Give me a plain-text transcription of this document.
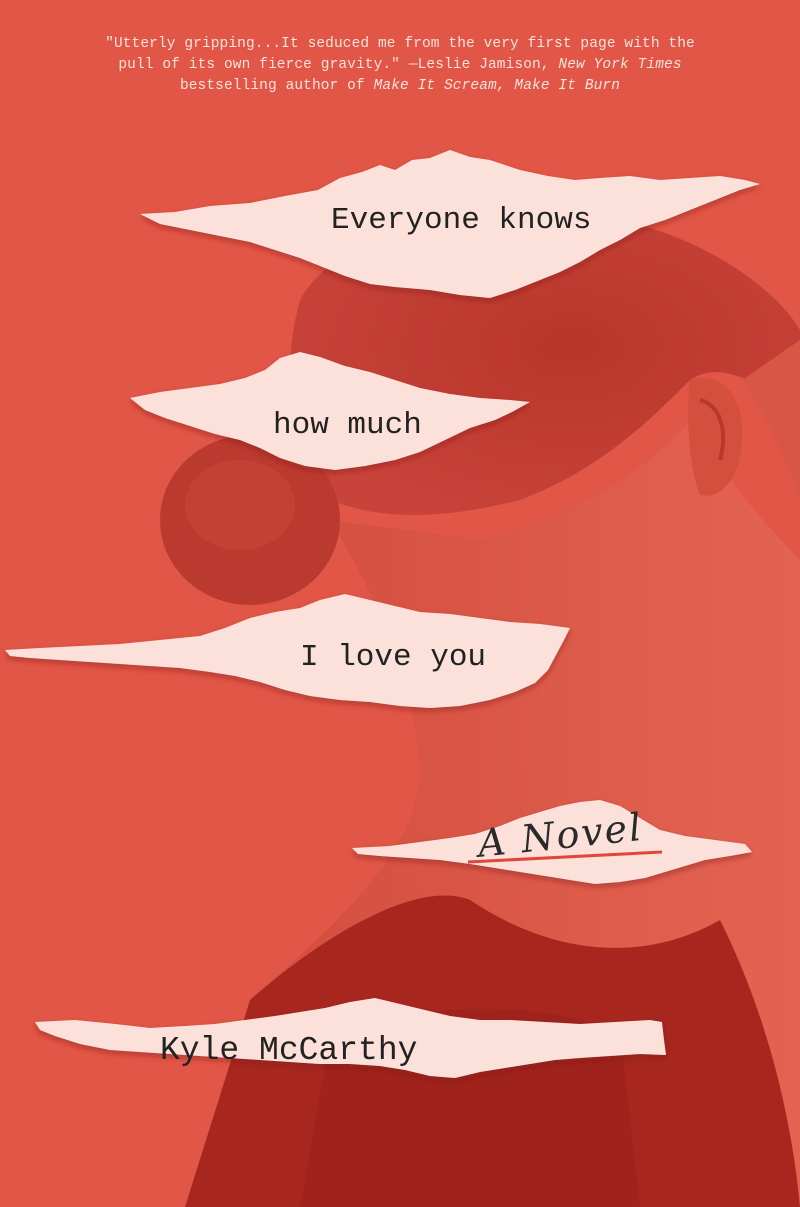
"Utterly gripping...It seduced me from the very first page with the
pull of its own fierce gravity." —Leslie Jamison, New York Times
bestselling author of Make It Scream, Make It Burn
Everyone knows
how much
I love you
A Novel
Kyle McCarthy
